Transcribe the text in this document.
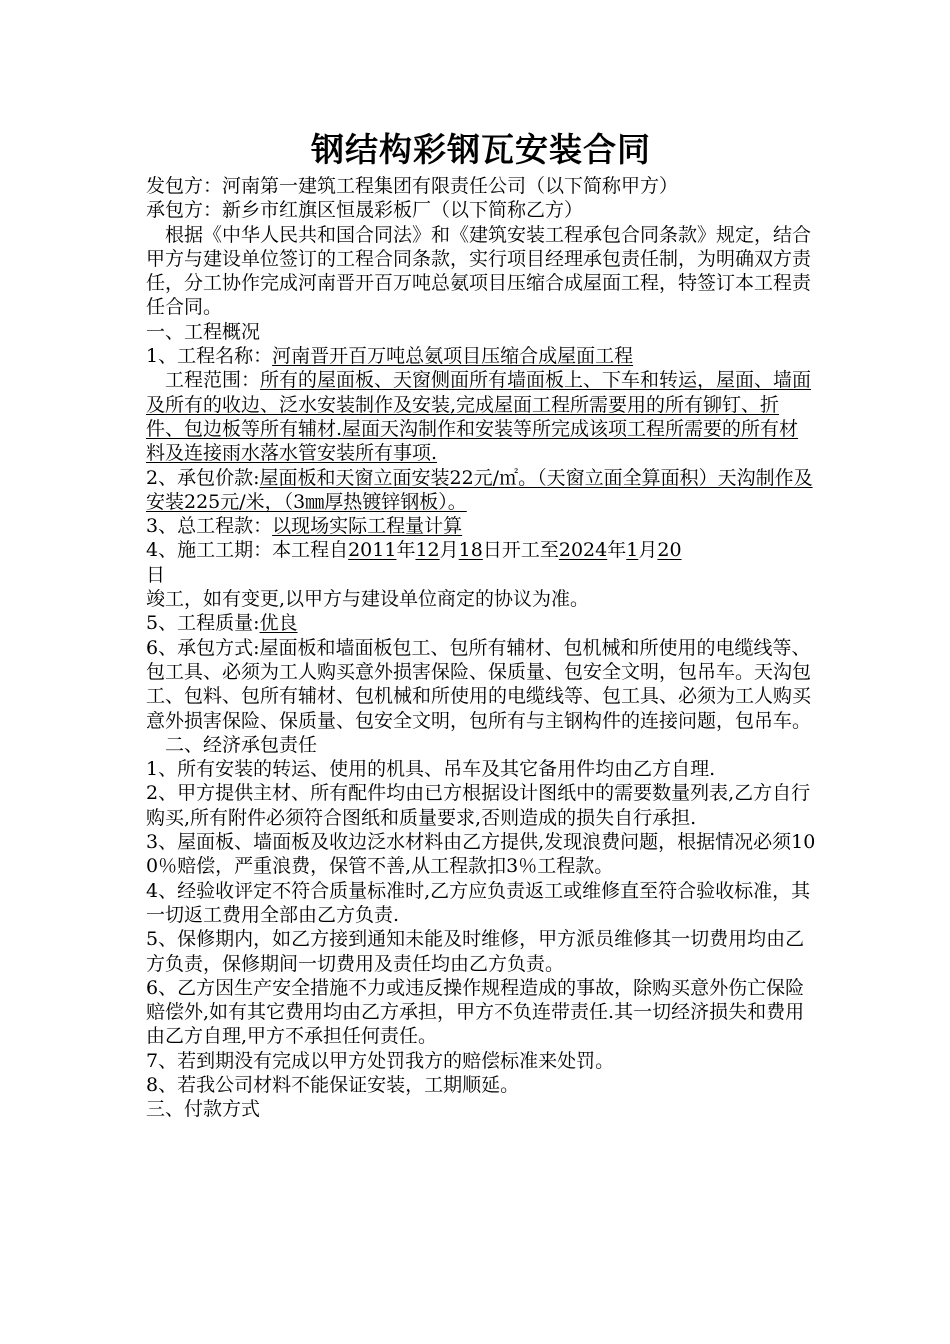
钢结构彩钢瓦安装合同
发包方：河南第一建筑工程集团有限责任公司（以下简称甲方）
承包方：新乡市红旗区恒晟彩板厂（以下简称乙方）
根据《中华人民共和国合同法》和《建筑安装工程承包合同条款》规定，结合甲方与建设单位签订的工程合同条款，实行项目经理承包责任制，为明确双方责任，分工协作完成河南晋开百万吨总氨项目压缩合成屋面工程，特签订本工程责任合同。
一、工程概况
1、工程名称：河南晋开百万吨总氨项目压缩合成屋面工程
工程范围：所有的屋面板、天窗侧面所有墙面板上、下车和转运，屋面、墙面及所有的收边、泛水安装制作及安装,完成屋面工程所需要用的所有铆钉、折件、包边板等所有辅材.屋面天沟制作和安装等所完成该项工程所需要的所有材料及连接雨水落水管安装所有事项.
2、承包价款:屋面板和天窗立面安装22元/㎡。（天窗立面全算面积）天沟制作及安装225元/米，（3㎜厚热镀锌钢板）。
3、总工程款：以现场实际工程量计算
4、施工工期：本工程自2011年12月18日开工至2024年1月20
日
竣工，如有变更,以甲方与建设单位商定的协议为准。
5、工程质量:优良
6、承包方式:屋面板和墙面板包工、包所有辅材、包机械和所使用的电缆线等、包工具、必须为工人购买意外损害保险、保质量、包安全文明，包吊车。天沟包工、包料、包所有辅材、包机械和所使用的电缆线等、包工具、必须为工人购买意外损害保险、保质量、包安全文明，包所有与主钢构件的连接问题，包吊车。
二、经济承包责任
1、所有安装的转运、使用的机具、吊车及其它备用件均由乙方自理.
2、甲方提供主材、所有配件均由已方根据设计图纸中的需要数量列表,乙方自行购买,所有附件必须符合图纸和质量要求,否则造成的损失自行承担.
3、屋面板、墙面板及收边泛水材料由乙方提供,发现浪费问题，根据情况必须100％赔偿，严重浪费，保管不善,从工程款扣3％工程款。
4、经验收评定不符合质量标准时,乙方应负责返工或维修直至符合验收标准，其一切返工费用全部由乙方负责.
5、保修期内，如乙方接到通知未能及时维修，甲方派员维修其一切费用均由乙方负责，保修期间一切费用及责任均由乙方负责。
6、乙方因生产安全措施不力或违反操作规程造成的事故，除购买意外伤亡保险赔偿外,如有其它费用均由乙方承担，甲方不负连带责任.其一切经济损失和费用由乙方自理,甲方不承担任何责任。
7、若到期没有完成以甲方处罚我方的赔偿标准来处罚。
8、若我公司材料不能保证安装，工期顺延。
三、付款方式
